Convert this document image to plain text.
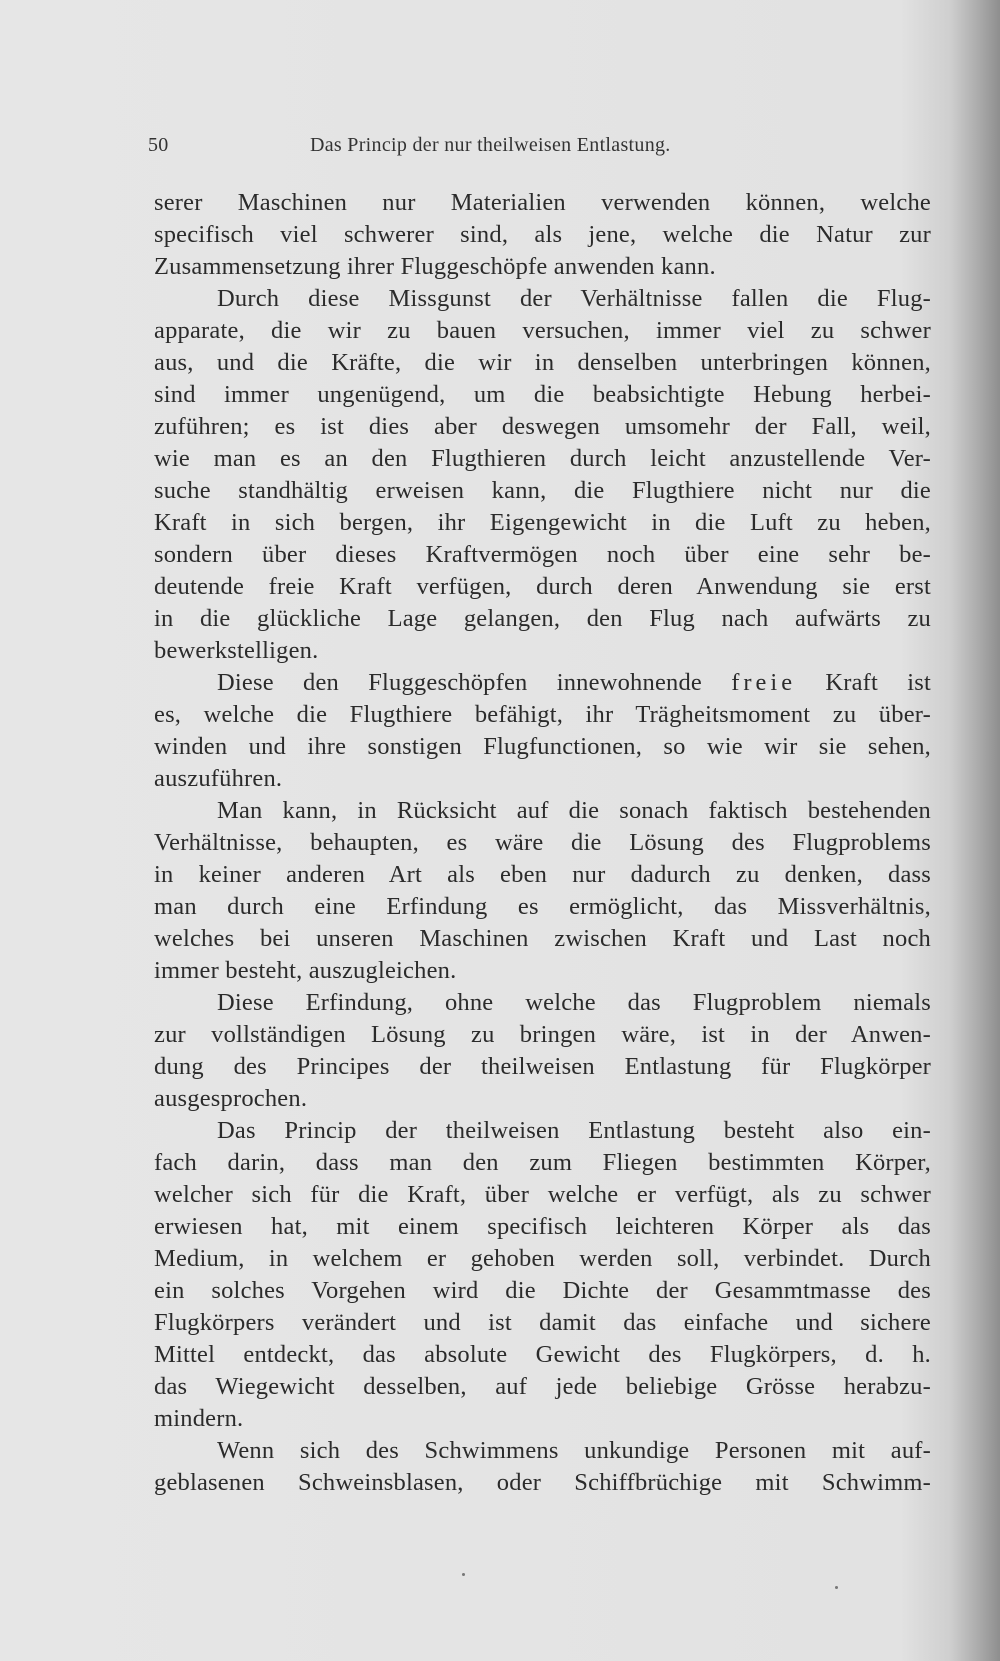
50	Das Princip der nur theilweisen Entlastung.
serer Maschinen nur Materialien verwenden können, welche
specifisch viel schwerer sind, als jene, welche die Natur zur
Zusammensetzung ihrer Fluggeschöpfe anwenden kann.
Durch diese Missgunst der Verhältnisse fallen die Flug-
apparate, die wir zu bauen versuchen, immer viel zu schwer
aus, und die Kräfte, die wir in denselben unterbringen können,
sind immer ungenügend, um die beabsichtigte Hebung herbei-
zuführen; es ist dies aber deswegen umsomehr der Fall, weil,
wie man es an den Flugthieren durch leicht anzustellende Ver-
suche standhältig erweisen kann, die Flugthiere nicht nur die
Kraft in sich bergen, ihr Eigengewicht in die Luft zu heben,
sondern über dieses Kraftvermögen noch über eine sehr be-
deutende freie Kraft verfügen, durch deren Anwendung sie erst
in die glückliche Lage gelangen, den Flug nach aufwärts zu
bewerkstelligen.
Diese den Fluggeschöpfen innewohnende freie Kraft ist
es, welche die Flugthiere befähigt, ihr Trägheitsmoment zu über-
winden und ihre sonstigen Flugfunctionen, so wie wir sie sehen,
auszuführen.
Man kann, in Rücksicht auf die sonach faktisch bestehenden
Verhältnisse, behaupten, es wäre die Lösung des Flugproblems
in keiner anderen Art als eben nur dadurch zu denken, dass
man durch eine Erfindung es ermöglicht, das Missverhältnis,
welches bei unseren Maschinen zwischen Kraft und Last noch
immer besteht, auszugleichen.
Diese Erfindung, ohne welche das Flugproblem niemals
zur vollständigen Lösung zu bringen wäre, ist in der Anwen-
dung des Principes der theilweisen Entlastung für Flugkörper
ausgesprochen.
Das Princip der theilweisen Entlastung besteht also ein-
fach darin, dass man den zum Fliegen bestimmten Körper,
welcher sich für die Kraft, über welche er verfügt, als zu schwer
erwiesen hat, mit einem specifisch leichteren Körper als das
Medium, in welchem er gehoben werden soll, verbindet. Durch
ein solches Vorgehen wird die Dichte der Gesammtmasse des
Flugkörpers verändert und ist damit das einfache und sichere
Mittel entdeckt, das absolute Gewicht des Flugkörpers, d. h.
das Wiegewicht desselben, auf jede beliebige Grösse herabzu-
mindern.
Wenn sich des Schwimmens unkundige Personen mit auf-
geblasenen Schweinsblasen, oder Schiffbrüchige mit Schwimm-
